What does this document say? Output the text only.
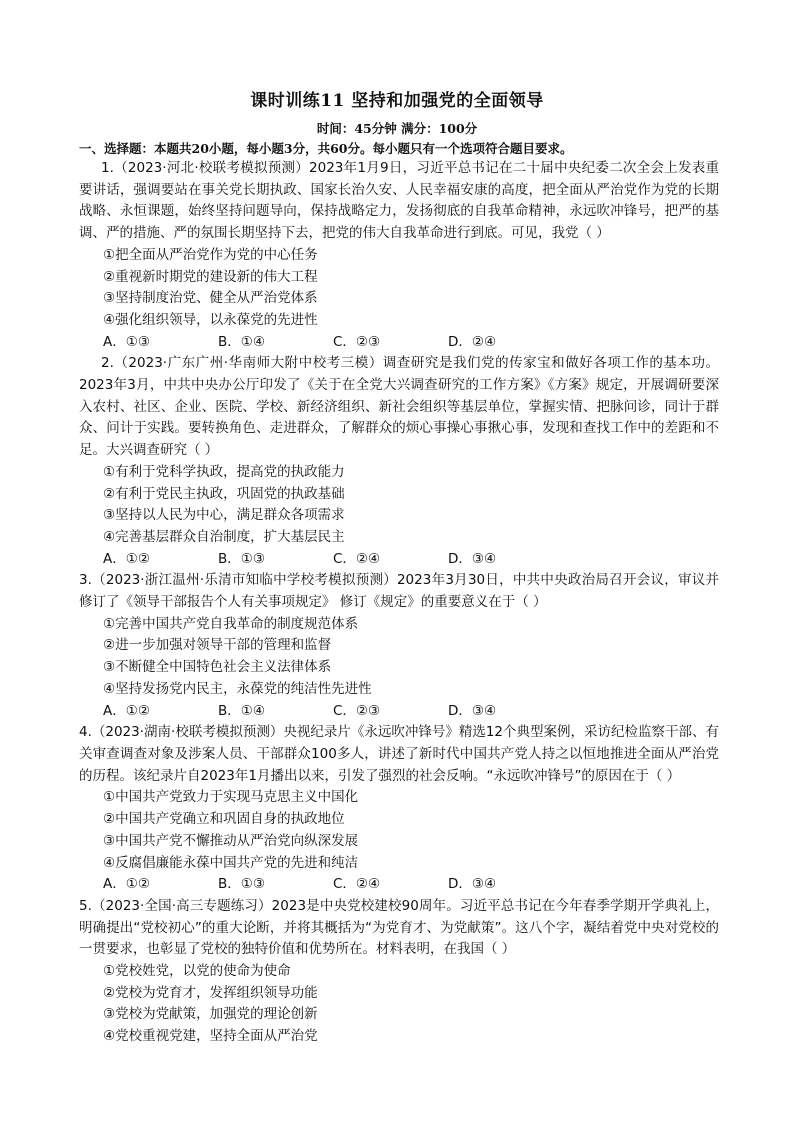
课时训练11 坚持和加强党的全面领导
时间：45分钟 满分：100分
一、选择题：本题共20小题，每小题3分，共60分。每小题只有一个选项符合题目要求。

1.（2023·河北·校联考模拟预测）2023年1月9日，习近平总书记在二十届中央纪委二次全会上发表重要讲话，强调要站在事关党长期执政、国家长治久安、人民幸福安康的高度，把全面从严治党作为党的长期战略、永恒课题，始终坚持问题导向，保持战略定力，发扬彻底的自我革命精神，永远吹冲锋号，把严的基调、严的措施、严的氛围长期坚持下去，把党的伟大自我革命进行到底。可见，我党（ ）

①把全面从严治党作为党的中心任务

②重视新时期党的建设新的伟大工程

③坚持制度治党、健全从严治党体系

④强化组织领导，以永葆党的先进性

A．①③	B．①④	C．②③	D．②④

2.（2023·广东广州·华南师大附中校考三模）调查研究是我们党的传家宝和做好各项工作的基本功。2023年3月，中共中央办公厅印发了《关于在全党大兴调查研究的工作方案》《方案》规定，开展调研要深入农村、社区、企业、医院、学校、新经济组织、新社会组织等基层单位，掌握实情、把脉问诊，同计于群众、问计于实践。要转换角色、走进群众，了解群众的烦心事操心事揪心事，发现和查找工作中的差距和不足。大兴调查研究（ ）

①有利于党科学执政，提高党的执政能力

②有利于党民主执政，巩固党的执政基础

③坚持以人民为中心，满足群众各项需求

④完善基层群众自治制度，扩大基层民主

A．①②	B．①③	C．②④	D．③④

3.（2023·浙江温州·乐清市知临中学校考模拟预测）2023年3月30日，中共中央政治局召开会议，审议并修订了《领导干部报告个人有关事项规定》 修订《规定》的重要意义在于（ ）

①完善中国共产党自我革命的制度规范体系

②进一步加强对领导干部的管理和监督

③不断健全中国特色社会主义法律体系

④坚持发扬党内民主，永葆党的纯洁性先进性

A．①②	B．①④	C．②③	D．③④

4.（2023·湖南·校联考模拟预测）央视纪录片《永远吹冲锋号》精选12个典型案例，采访纪检监察干部、有关审查调查对象及涉案人员、干部群众100多人，讲述了新时代中国共产党人持之以恒地推进全面从严治党的历程。该纪录片自2023年1月播出以来，引发了强烈的社会反响。“永远吹冲锋号”的原因在于（ ）

①中国共产党致力于实现马克思主义中国化

②中国共产党确立和巩固自身的执政地位

③中国共产党不懈推动从严治党向纵深发展

④反腐倡廉能永葆中国共产党的先进和纯洁

A．①②	B．①③	C．②④	D．③④

5.（2023·全国·高三专题练习）2023是中央党校建校90周年。习近平总书记在今年春季学期开学典礼上，明确提出“党校初心”的重大论断，并将其概括为“为党育才、为党献策”。这八个字，凝结着党中央对党校的一贯要求，也彰显了党校的独特价值和优势所在。材料表明，在我国（ ）

①党校姓党，以党的使命为使命

②党校为党育才，发挥组织领导功能

③党校为党献策，加强党的理论创新

④党校重视党建，坚持全面从严治党
